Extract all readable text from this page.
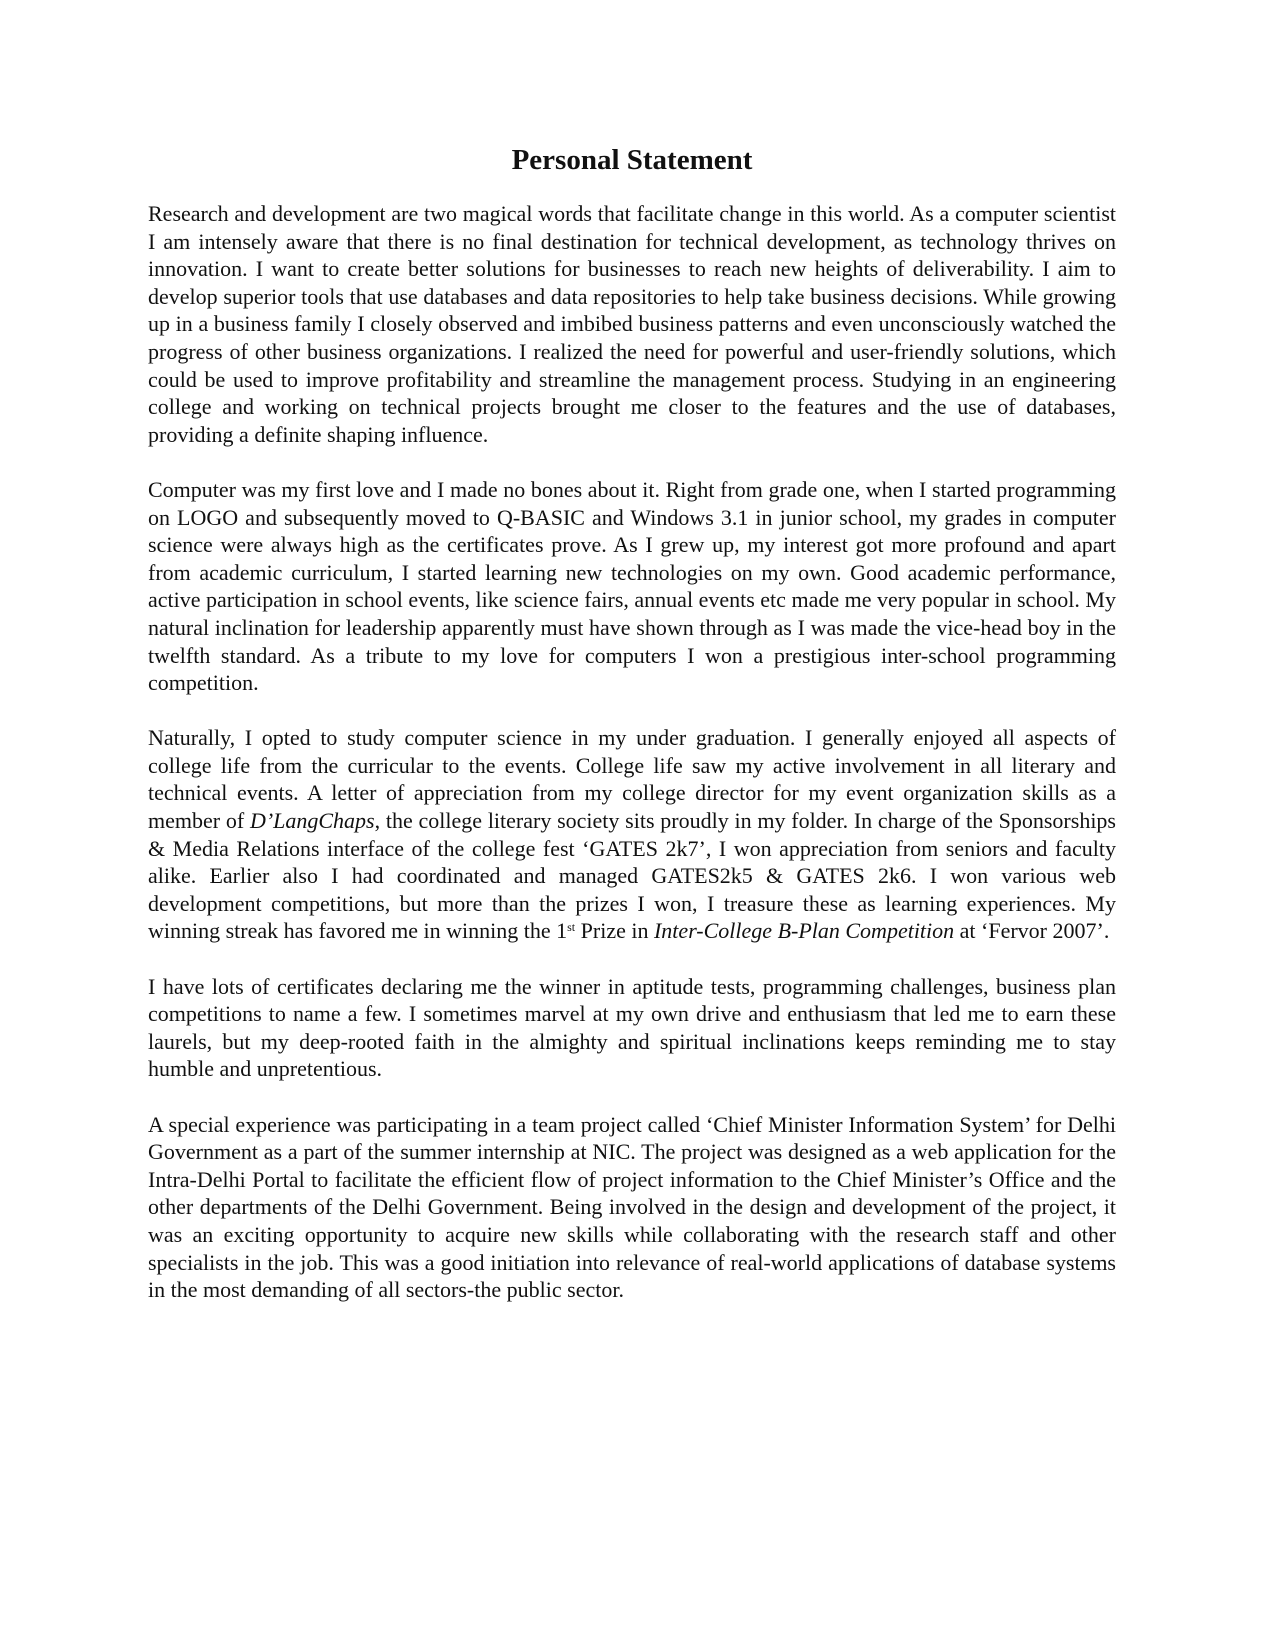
Personal Statement

Research and development are two magical words that facilitate change in this world. As a computer scientist I am intensely aware that there is no final destination for technical development, as technology thrives on innovation. I want to create better solutions for businesses to reach new heights of deliverability. I aim to develop superior tools that use databases and data repositories to help take business decisions. While growing up in a business family I closely observed and imbibed business patterns and even unconsciously watched the progress of other business organizations. I realized the need for powerful and user-friendly solutions, which could be used to improve profitability and streamline the management process. Studying in an engineering college and working on technical projects brought me closer to the features and the use of databases, providing a definite shaping influence.

Computer was my first love and I made no bones about it. Right from grade one, when I started programming on LOGO and subsequently moved to Q-BASIC and Windows 3.1 in junior school, my grades in computer science were always high as the certificates prove. As I grew up, my interest got more profound and apart from academic curriculum, I started learning new technologies on my own. Good academic performance, active participation in school events, like science fairs, annual events etc made me very popular in school. My natural inclination for leadership apparently must have shown through as I was made the vice-head boy in the twelfth standard. As a tribute to my love for computers I won a prestigious inter-school programming competition.

Naturally, I opted to study computer science in my under graduation. I generally enjoyed all aspects of college life from the curricular to the events. College life saw my active involvement in all literary and technical events. A letter of appreciation from my college director for my event organization skills as a member of D’LangChaps, the college literary society sits proudly in my folder. In charge of the Sponsorships & Media Relations interface of the college fest ‘GATES 2k7’, I won appreciation from seniors and faculty alike. Earlier also I had coordinated and managed GATES2k5 & GATES 2k6. I won various web development competitions, but more than the prizes I won, I treasure these as learning experiences. My winning streak has favored me in winning the 1st Prize in Inter-College B-Plan Competition at ‘Fervor 2007’.

I have lots of certificates declaring me the winner in aptitude tests, programming challenges, business plan competitions to name a few. I sometimes marvel at my own drive and enthusiasm that led me to earn these laurels, but my deep-rooted faith in the almighty and spiritual inclinations keeps reminding me to stay humble and unpretentious.

A special experience was participating in a team project called ‘Chief Minister Information System’ for Delhi Government as a part of the summer internship at NIC. The project was designed as a web application for the Intra-Delhi Portal to facilitate the efficient flow of project information to the Chief Minister’s Office and the other departments of the Delhi Government. Being involved in the design and development of the project, it was an exciting opportunity to acquire new skills while collaborating with the research staff and other specialists in the job. This was a good initiation into relevance of real-world applications of database systems in the most demanding of all sectors-the public sector.
